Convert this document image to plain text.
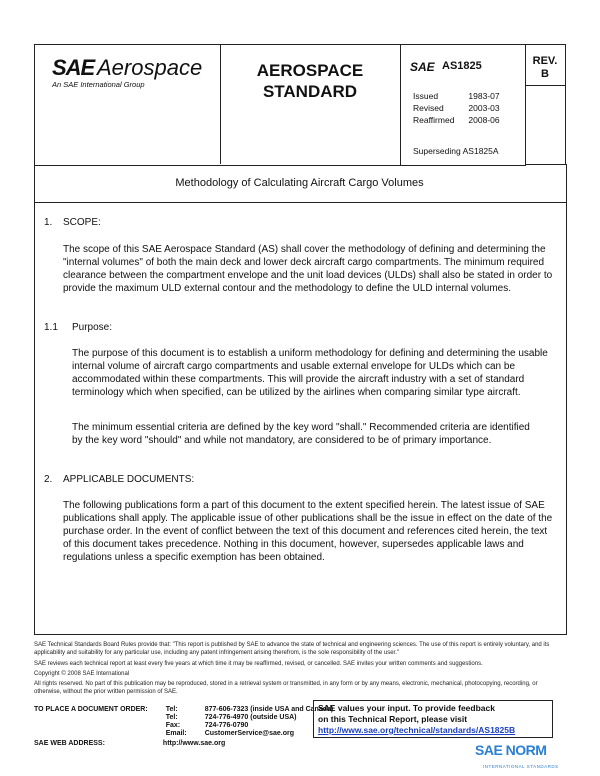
SAE Aerospace
An SAE International Group
AEROSPACE STANDARD
SAE AS1825	REV.
B
Issued	1983-07
Revised	2003-03
Reaffirmed	2008-06
Superseding AS1825A
Methodology of Calculating Aircraft Cargo Volumes
1. SCOPE:
The scope of this SAE Aerospace Standard (AS) shall cover the methodology of defining and determining the "internal volumes" of both the main deck and lower deck aircraft cargo compartments. The minimum required clearance between the compartment envelope and the unit load devices (ULDs) shall also be stated in order to provide the maximum ULD external contour and the methodology to define the ULD internal volumes.
1.1 Purpose:
The purpose of this document is to establish a uniform methodology for defining and determining the usable internal volume of aircraft cargo compartments and usable external envelope for ULDs which can be accommodated within these compartments. This will provide the aircraft industry with a set of standard terminology which when specified, can be utilized by the airlines when comparing similar type aircraft.
The minimum essential criteria are defined by the key word "shall." Recommended criteria are identified by the key word "should" and while not mandatory, are considered to be of primary importance.
2. APPLICABLE DOCUMENTS:
The following publications form a part of this document to the extent specified herein. The latest issue of SAE publications shall apply. The applicable issue of other publications shall be the issue in effect on the date of the purchase order. In the event of conflict between the text of this document and references cited herein, the text of this document takes precedence. Nothing in this document, however, supersedes applicable laws and regulations unless a specific exemption has been obtained.
SAE Technical Standards Board Rules provide that: "This report is published by SAE to advance the state of technical and engineering sciences. The use of this report is entirely voluntary, and its applicability and suitability for any particular use, including any patent infringement arising therefrom, is the sole responsibility of the user."
SAE reviews each technical report at least every five years at which time it may be reaffirmed, revised, or cancelled. SAE invites your written comments and suggestions.
Copyright © 2008 SAE International
All rights reserved. No part of this publication may be reproduced, stored in a retrieval system or transmitted, in any form or by any means, electronic, mechanical, photocopying, recording, or otherwise, without the prior written permission of SAE.
TO PLACE A DOCUMENT ORDER:	Tel:	877-606-7323 (inside USA and Canada)
	Tel:	724-776-4970 (outside USA)
	Fax:	724-776-0790
	Email:	CustomerService@sae.org
SAE values your input. To provide feedback
on this Technical Report, please visit
http://www.sae.org/technical/standards/AS1825B
SAE WEB ADDRESS:	http://www.sae.org	SAE NORM
INTERNATIONAL STANDARDS
